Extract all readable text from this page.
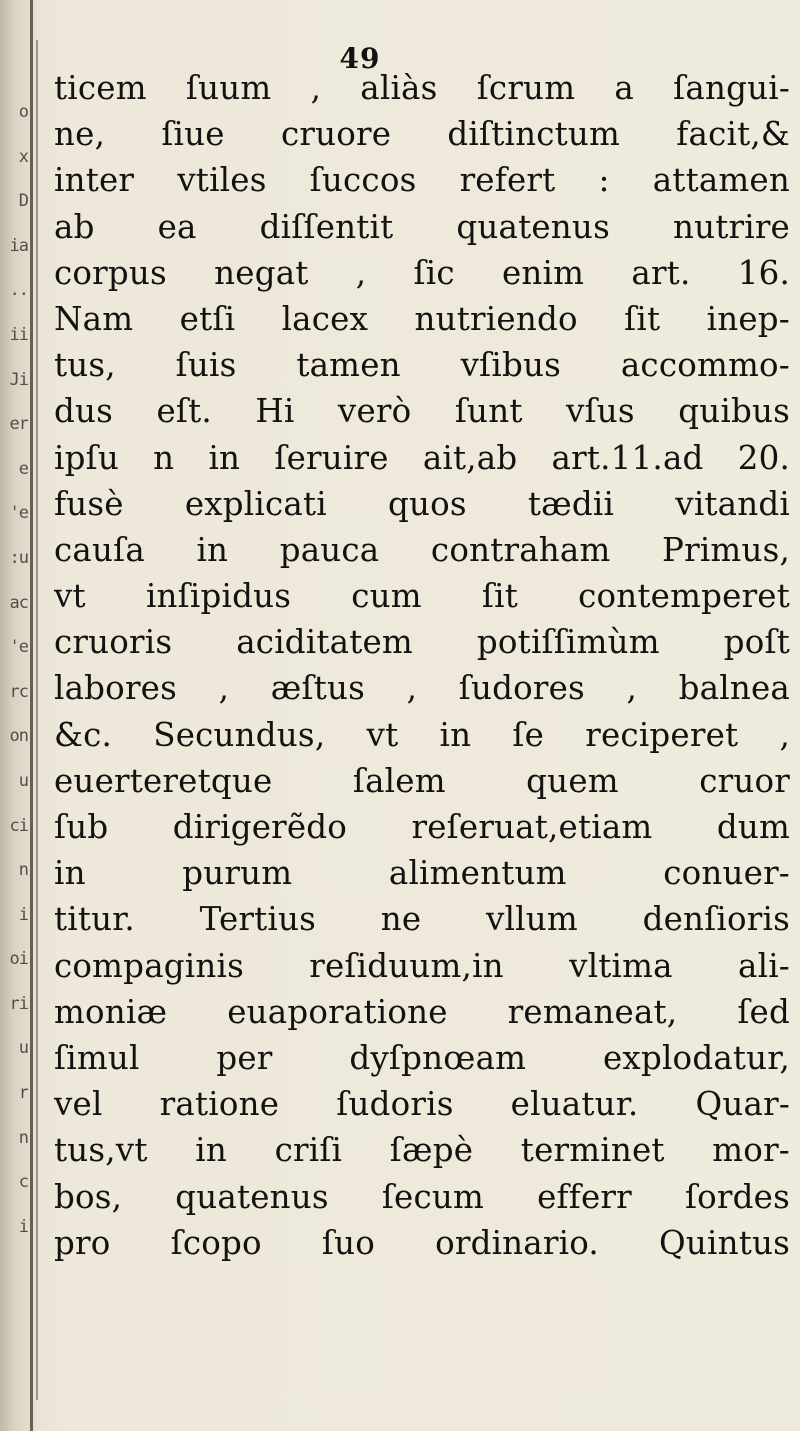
o
x
D
ia
..
ii
Ji
er
e
'e
:u
ac
'e
rc
on
u
ci
n
i
oi
ri
u
r
n
c
i
49
ticem ſuum , aliàs ſcrum a ſangui-
ne, ſiue cruore diſtinctum facit,&
inter vtiles ſuccos refert : attamen
ab ea diſſentit quatenus nutrire
corpus negat , ſic enim art. 16.
Nam etſi lacex nutriendo ſit inep-
tus, ſuis tamen vſibus accommo-
dus eſt. Hi verò ſunt vſus quibus
ipſu n in ſeruire ait,ab art.11.ad 20.
fusè explicati quos tædii vitandi
cauſa in pauca contraham Primus,
vt inſipidus cum ſit contemperet
cruoris aciditatem potiſſimùm poſt
labores , æſtus , ſudores , balnea
&c. Secundus, vt in ſe reciperet ,
euerteretque ſalem quem cruor
ſub dirigerẽdo reſeruat,etiam dum
in purum alimentum conuer-
titur. Tertius ne vllum denſioris
compaginis reſiduum,in vltima ali-
moniæ euaporatione remaneat, ſed
ſimul per dyſpnœam explodatur,
vel ratione ſudoris eluatur. Quar-
tus,vt in criſi ſæpè terminet mor-
bos, quatenus ſecum efferr ſordes
pro ſcopo ſuo ordinario. Quintus
